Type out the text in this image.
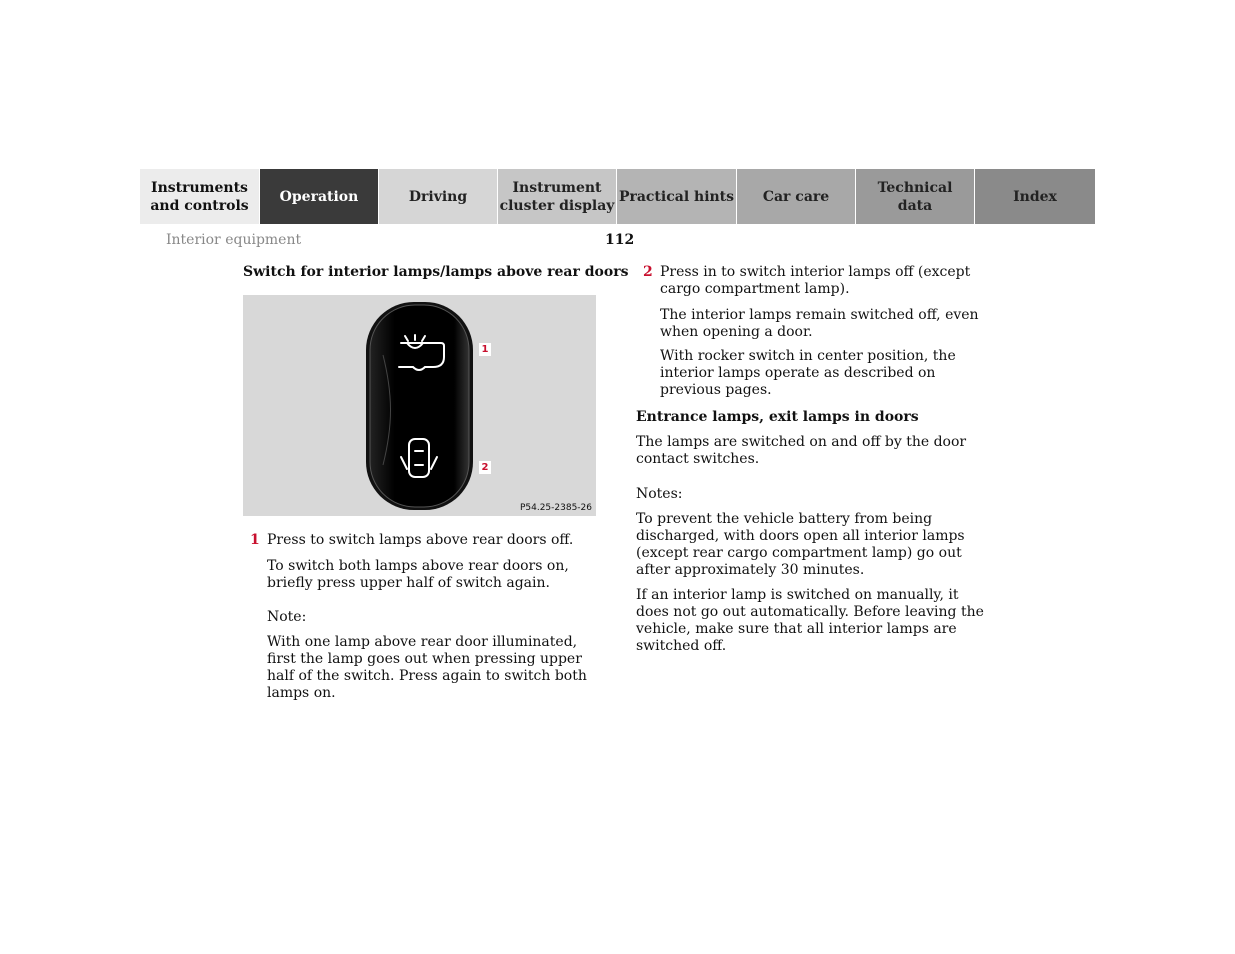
Instruments
and controls
Operation	Driving
Instrument
cluster display
Practical hints Car care
Technical
data
Index
Interior equipment	112
Switch for interior lamps/lamps above rear doors
1
2
P54.25-2385-26
1 Press to switch lamps above rear doors off.
To switch both lamps above rear doors on, briefly press upper half of switch again.
Note:
With one lamp above rear door illuminated, first the lamp goes out when pressing upper half of the switch. Press again to switch both lamps on.
2 Press in to switch interior lamps off (except cargo compartment lamp).
The interior lamps remain switched off, even when opening a door.
With rocker switch in center position, the interior lamps operate as described on previous pages.
Entrance lamps, exit lamps in doors
The lamps are switched on and off by the door contact switches.
Notes:
To prevent the vehicle battery from being discharged, with doors open all interior lamps (except rear cargo compartment lamp) go out after approximately 30 minutes.
If an interior lamp is switched on manually, it does not go out automatically. Before leaving the vehicle, make sure that all interior lamps are switched off.
